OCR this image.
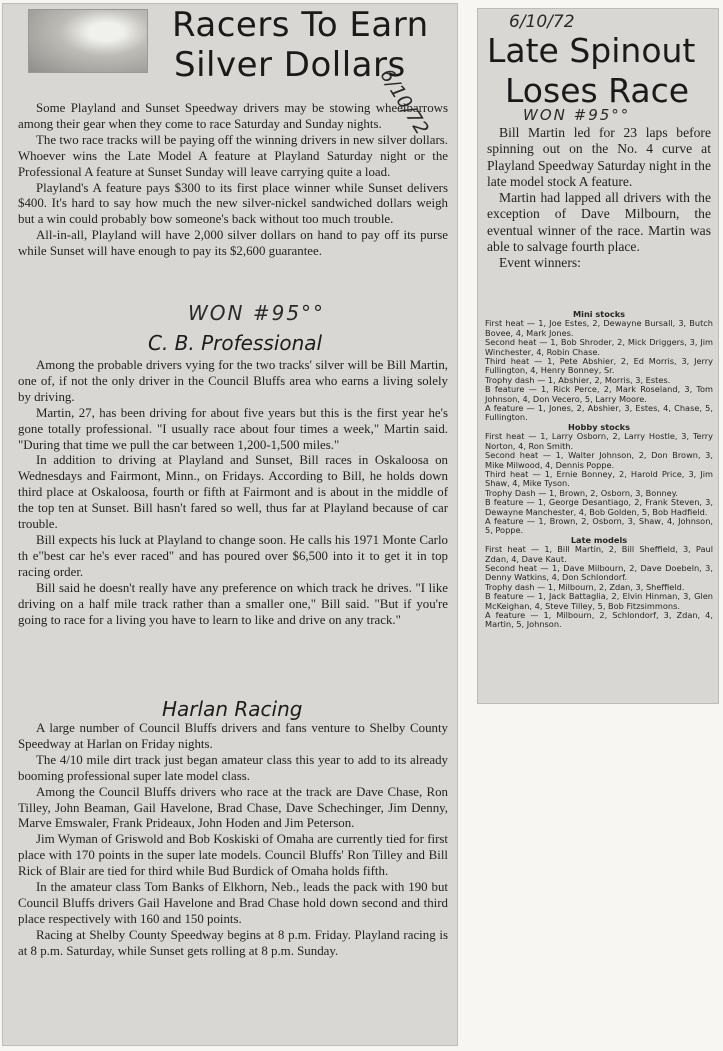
Racers To Earn
Silver Dollars
6/10/72

Some Playland and Sunset Speedway drivers may be stowing wheelbarrows among their gear when they come to race Saturday and Sunday nights.

The two race tracks will be paying off the winning drivers in new silver dollars. Whoever wins the Late Model A feature at Playland Saturday night or the Professional A feature at Sunset Sunday will leave carrying quite a load.

Playland's A feature pays $300 to its first place winner while Sunset delivers $400. It's hard to say how much the new silver-nickel sandwiched dollars weigh but a win could probably bow someone's back without too much trouble.

All-in-all, Playland will have 2,000 silver dollars on hand to pay off its purse while Sunset will have enough to pay its $2,600 guarantee.

WON #95°°
C. B. Professional

Among the probable drivers vying for the two tracks' silver will be Bill Martin, one of, if not the only driver in the Council Bluffs area who earns a living solely by driving.

Martin, 27, has been driving for about five years but this is the first year he's gone totally professional. "I usually race about four times a week," Martin said. "During that time we pull the car between 1,200-1,500 miles."

In addition to driving at Playland and Sunset, Bill races in Oskaloosa on Wednesdays and Fairmont, Minn., on Fridays. According to Bill, he holds down third place at Oskaloosa, fourth or fifth at Fairmont and is about in the middle of the top ten at Sunset. Bill hasn't fared so well, thus far at Playland because of car trouble.

Bill expects his luck at Playland to change soon. He calls his 1971 Monte Carlo th e"best car he's ever raced" and has poured over $6,500 into it to get it in top racing order.

Bill said he doesn't really have any preference on which track he drives. "I like driving on a half mile track rather than a smaller one," Bill said. "But if you're going to race for a living you have to learn to like and drive on any track."

Harlan Racing

A large number of Council Bluffs drivers and fans venture to Shelby County Speedway at Harlan on Friday nights.

The 4/10 mile dirt track just began amateur class this year to add to its already booming professional super late model class.

Among the Council Bluffs drivers who race at the track are Dave Chase, Ron Tilley, John Beaman, Gail Havelone, Brad Chase, Dave Schechinger, Jim Denny, Marve Emswaler, Frank Prideaux, John Hoden and Jim Peterson.

Jim Wyman of Griswold and Bob Koskiski of Omaha are currently tied for first place with 170 points in the super late models. Council Bluffs' Ron Tilley and Bill Rick of Blair are tied for third while Bud Burdick of Omaha holds fifth.

In the amateur class Tom Banks of Elkhorn, Neb., leads the pack with 190 but Council Bluffs drivers Gail Havelone and Brad Chase hold down second and third place respectively with 160 and 150 points.

Racing at Shelby County Speedway begins at 8 p.m. Friday. Playland racing is at 8 p.m. Saturday, while Sunset gets rolling at 8 p.m. Sunday.

6/10/72
Late Spinout
Loses Race
WON #95°°

Bill Martin led for 23 laps before spinning out on the No. 4 curve at Playland Speedway Saturday night in the late model stock A feature.

Martin had lapped all drivers with the exception of Dave Milbourn, the eventual winner of the race. Martin was able to salvage fourth place.

Event winners:

Mini stocks
First heat — 1, Joe Estes, 2, Dewayne Bursall, 3, Butch Bovee, 4, Mark Jones.
Second heat — 1, Bob Shroder, 2, Mick Driggers, 3, Jim Winchester, 4, Robin Chase.
Third heat — 1, Pete Abshier, 2, Ed Morris, 3, Jerry Fullington, 4, Henry Bonney, Sr.
Trophy dash — 1, Abshier, 2, Morris, 3, Estes.
B feature — 1, Rick Perce, 2, Mark Roseland, 3, Tom Johnson, 4, Don Vecero, 5, Larry Moore.
A feature — 1, Jones, 2, Abshier, 3, Estes, 4, Chase, 5, Fullington.
Hobby stocks
First heat — 1, Larry Osborn, 2, Larry Hostle, 3, Terry Norton, 4, Ron Smith.
Second heat — 1, Walter Johnson, 2, Don Brown, 3, Mike Milwood, 4, Dennis Poppe.
Third heat — 1, Ernie Bonney, 2, Harold Price, 3, Jim Shaw, 4, Mike Tyson.
Trophy Dash — 1, Brown, 2, Osborn, 3, Bonney.
B feature — 1, George Desantiago, 2, Frank Steven, 3, Dewayne Manchester, 4, Bob Golden, 5, Bob Hadfield.
A feature — 1, Brown, 2, Osborn, 3, Shaw, 4, Johnson, 5, Poppe.
Late models
First heat — 1, Bill Martin, 2, Bill Sheffield, 3, Paul Zdan, 4, Dave Kaut.
Second heat — 1, Dave Milbourn, 2, Dave Doebeln, 3, Denny Watkins, 4, Don Schlondorf.
Trophy dash — 1, Milbourn, 2, Zdan, 3, Sheffield.
B feature — 1, Jack Battaglia, 2, Elvin Hinman, 3, Glen McKeighan, 4, Steve Tilley, 5, Bob Fitzsimmons.
A feature — 1, Milbourn, 2, Schlondorf, 3, Zdan, 4, Martin, 5, Johnson.
